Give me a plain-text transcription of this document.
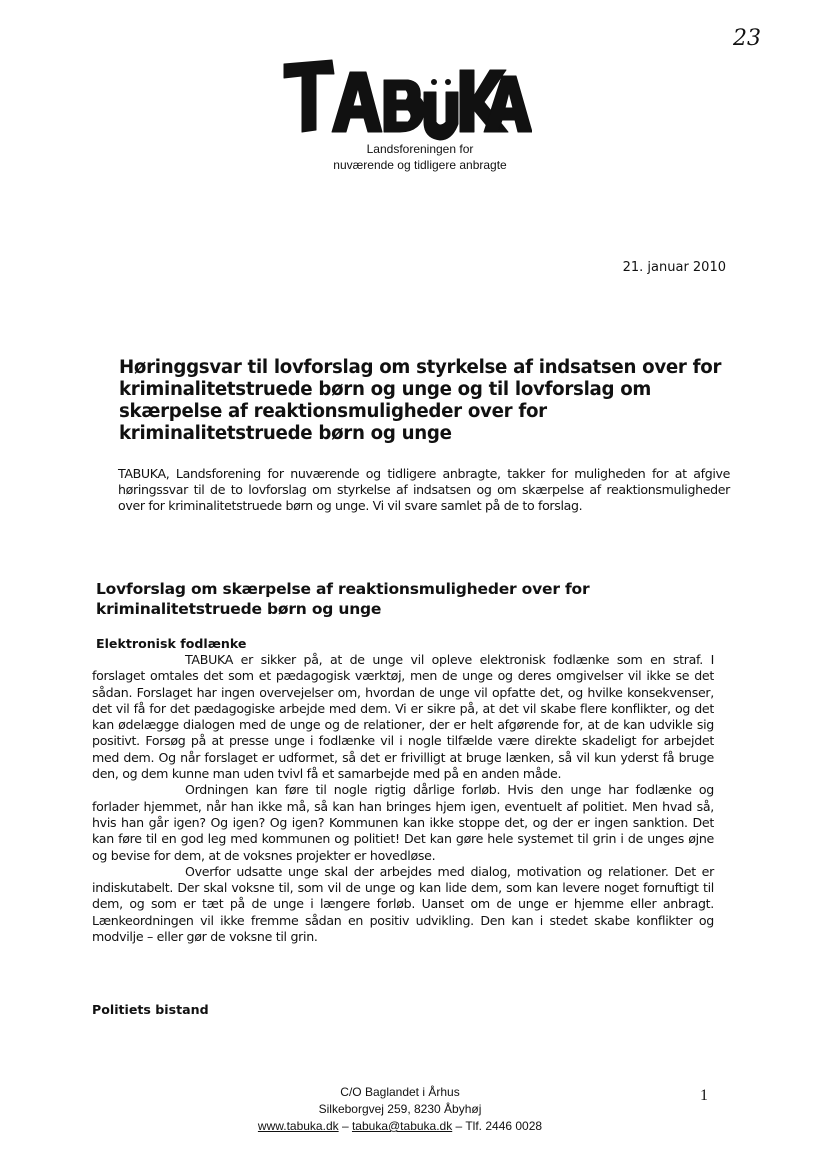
23
Landsforeningen for
nuværende og tidligere anbragte
21. januar 2010
Høringgsvar til lovforslag om styrkelse af indsatsen over for kriminalitetstruede børn og unge og til lovforslag om skærpelse af reaktionsmuligheder over for kriminalitetstruede børn og unge
TABUKA, Landsforening for nuværende og tidligere anbragte, takker for muligheden for at afgive høringssvar til de to lovforslag om styrkelse af indsatsen og om skærpelse af reaktionsmuligheder over for kriminalitetstruede børn og unge. Vi vil svare samlet på de to forslag.
Lovforslag om skærpelse af reaktionsmuligheder over for kriminalitetstruede børn og unge
Elektronisk fodlænke

TABUKA er sikker på, at de unge vil opleve elektronisk fodlænke som en straf. I forslaget omtales det som et pædagogisk værktøj, men de unge og deres omgivelser vil ikke se det sådan. Forslaget har ingen overvejelser om, hvordan de unge vil opfatte det, og hvilke konsekvenser, det vil få for det pædagogiske arbejde med dem. Vi er sikre på, at det vil skabe flere konflikter, og det kan ødelægge dialogen med de unge og de relationer, der er helt afgørende for, at de kan udvikle sig positivt. Forsøg på at presse unge i fodlænke vil i nogle tilfælde være direkte skadeligt for arbejdet med dem. Og når forslaget er udformet, så det er frivilligt at bruge lænken, så vil kun yderst få bruge den, og dem kunne man uden tvivl få et samarbejde med på en anden måde.

Ordningen kan føre til nogle rigtig dårlige forløb. Hvis den unge har fodlænke og forlader hjemmet, når han ikke må, så kan han bringes hjem igen, eventuelt af politiet. Men hvad så, hvis han går igen? Og igen? Og igen? Kommunen kan ikke stoppe det, og der er ingen sanktion. Det kan føre til en god leg med kommunen og politiet! Det kan gøre hele systemet til grin i de unges øjne og bevise for dem, at de voksnes projekter er hovedløse.

Overfor udsatte unge skal der arbejdes med dialog, motivation og relationer. Det er indiskutabelt. Der skal voksne til, som vil de unge og kan lide dem, som kan levere noget fornuftigt til dem, og som er tæt på de unge i længere forløb. Uanset om de unge er hjemme eller anbragt. Lænkeordningen vil ikke fremme sådan en positiv udvikling. Den kan i stedet skabe konflikter og modvilje – eller gør de voksne til grin.

Politiets bistand
C/O Baglandet i Århus
Silkeborgvej 259, 8230 Åbyhøj
www.tabuka.dk – tabuka@tabuka.dk – Tlf. 2446 0028
1
